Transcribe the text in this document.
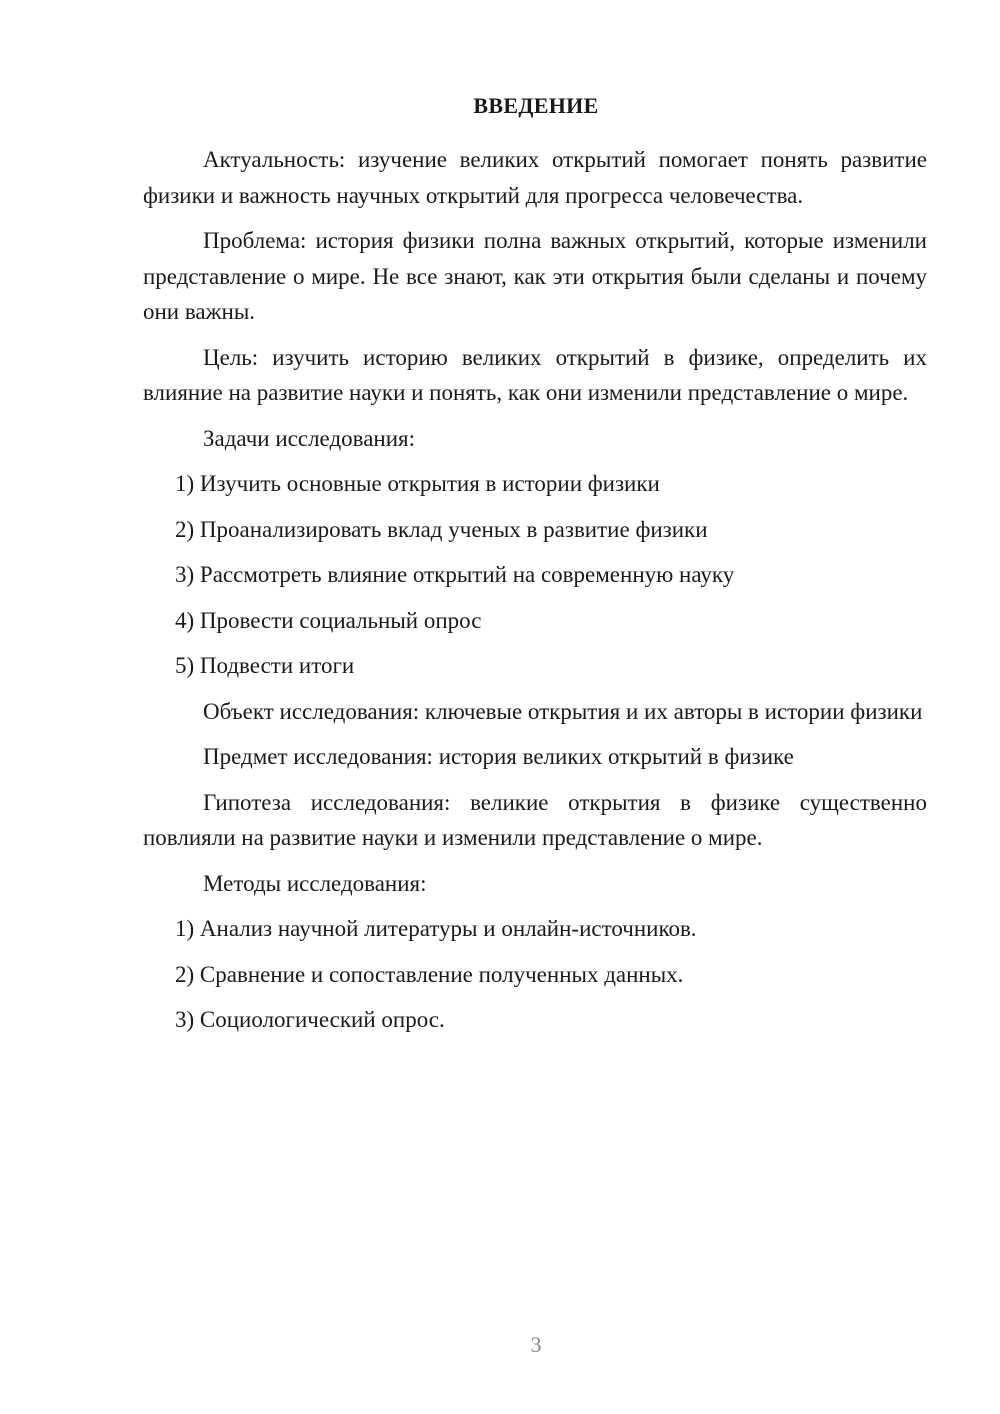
ВВЕДЕНИЕ

Актуальность: изучение великих открытий помогает понять развитие физики и важность научных открытий для прогресса человечества.

Проблема: история физики полна важных открытий, которые изменили представление о мире. Не все знают, как эти открытия были сделаны и почему они важны.

Цель: изучить историю великих открытий в физике, определить их влияние на развитие науки и понять, как они изменили представление о мире.

Задачи исследования:

1) Изучить основные открытия в истории физики

2) Проанализировать вклад ученых в развитие физики

3) Рассмотреть влияние открытий на современную науку

4) Провести социальный опрос

5) Подвести итоги

Объект исследования: ключевые открытия и их авторы в истории физики

Предмет исследования: история великих открытий в физике

Гипотеза исследования: великие открытия в физике существенно повлияли на развитие науки и изменили представление о мире.

Методы исследования:

1) Анализ научной литературы и онлайн-источников.

2) Сравнение и сопоставление полученных данных.

3) Социологический опрос.

3
